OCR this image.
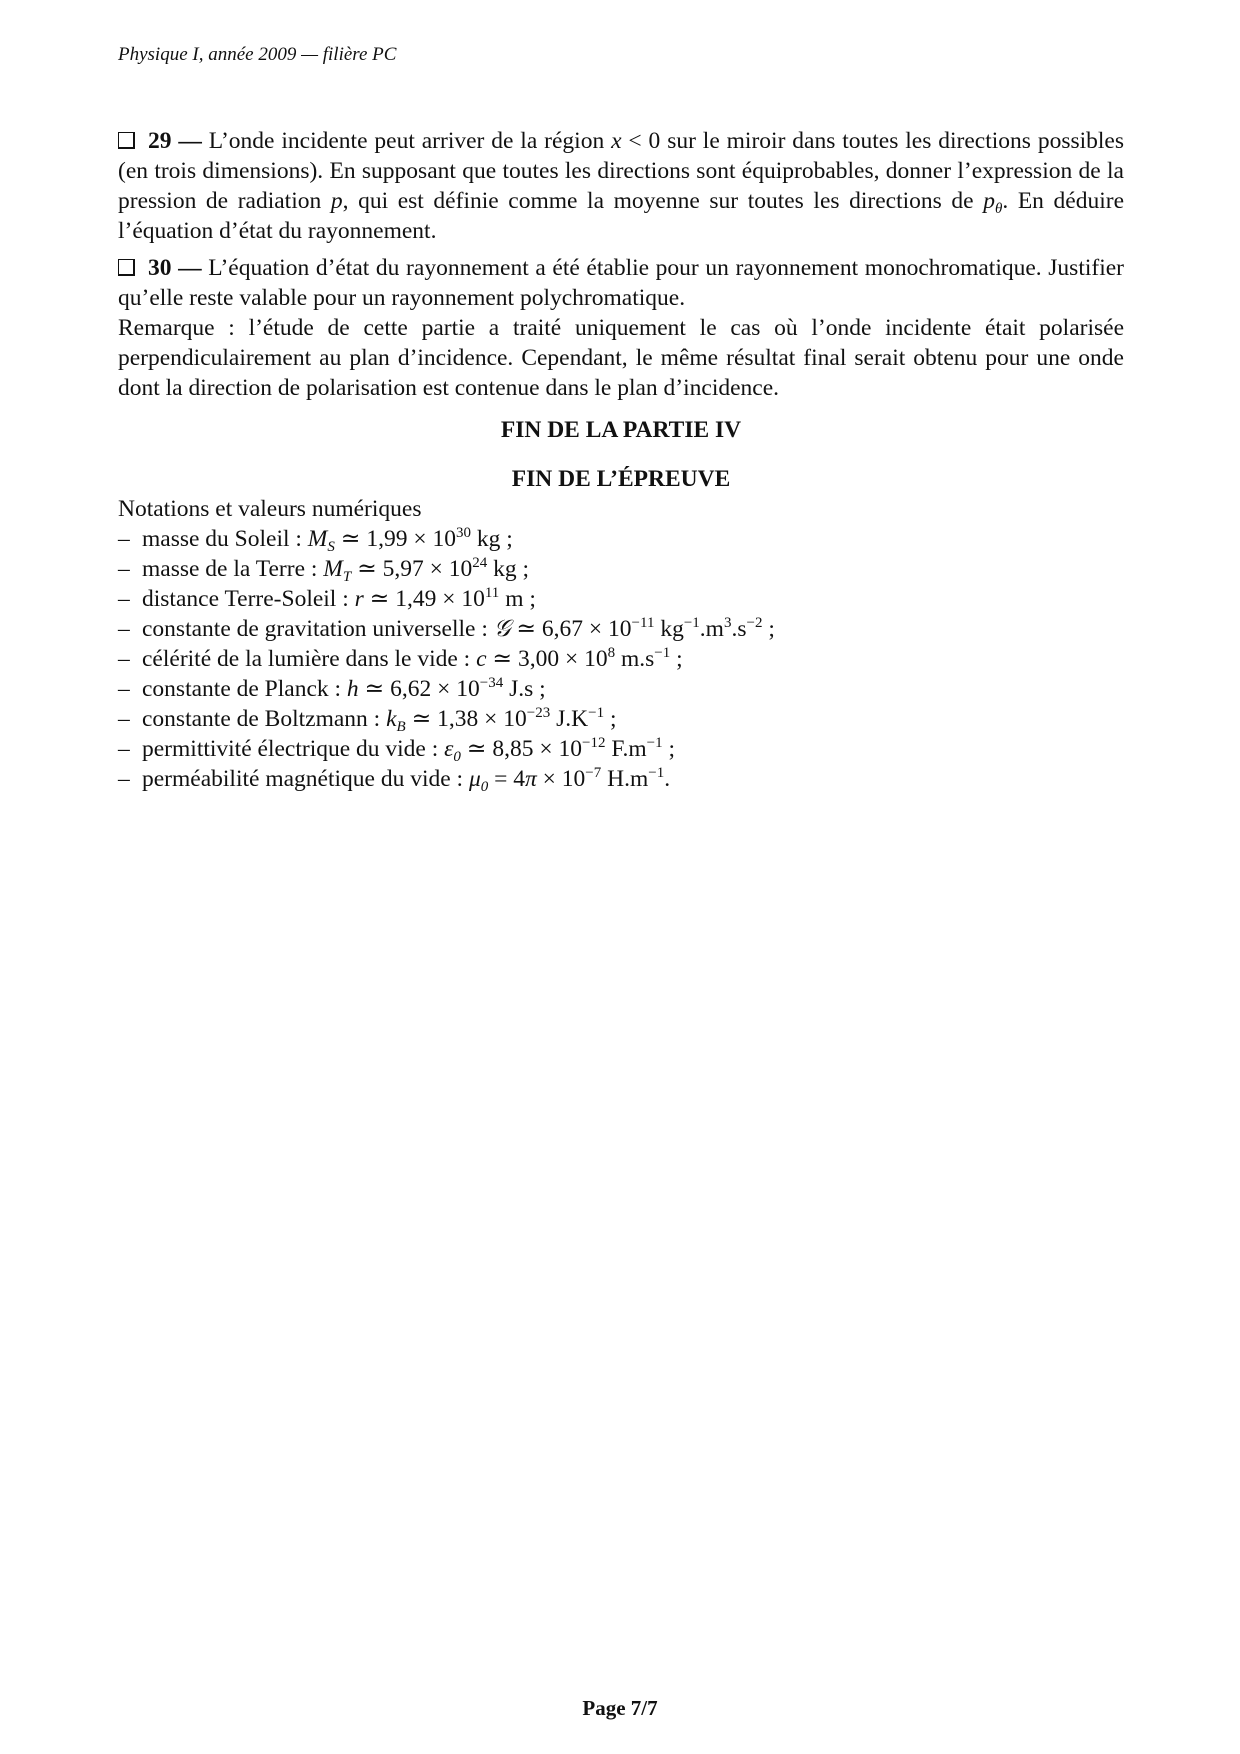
Physique I, année 2009 — filière PC

29 — L’onde incidente peut arriver de la région x < 0 sur le miroir dans toutes les directions possibles (en trois dimensions). En supposant que toutes les directions sont équiprobables, donner l’expression de la pression de radiation p, qui est définie comme la moyenne sur toutes les directions de $p_\theta$. En déduire l’équation d’état du rayonnement.

30 — L’équation d’état du rayonnement a été établie pour un rayonnement monochromatique. Justifier qu’elle reste valable pour un rayonnement polychromatique.

Remarque : l’étude de cette partie a traité uniquement le cas où l’onde incidente était polarisée perpendiculairement au plan d’incidence. Cependant, le même résultat final serait obtenu pour une onde dont la direction de polarisation est contenue dans le plan d’incidence.

FIN DE LA PARTIE IV
FIN DE L’ÉPREUVE
Notations et valeurs numériques
– masse du Soleil : $M_S$ ≃ $1,99 \times 10^{30}$ kg ;
– masse de la Terre : $M_T$ ≃ $5,97 \times 10^{24}$ kg ;
– distance Terre-Soleil : r ≃ $1,49 \times 10^{11}$ m ;
– constante de gravitation universelle : 𝒢 ≃ $6,67 \times 10^{-11}$ $kg^{-1}.m^3.s^{-2}$ ;
– célérité de la lumière dans le vide : c ≃ $3,00 \times 10^8$ $m.s^{-1}$ ;
– constante de Planck : h ≃ $6,62 \times 10^{-34}$ J.s ;
– constante de Boltzmann : $k_B$ ≃ $1,38 \times 10^{-23}$ $J.K^{-1}$ ;
– permittivité électrique du vide : $\varepsilon_0$ ≃ $8,85 \times 10^{-12}$ $F.m^{-1}$ ;
– perméabilité magnétique du vide : $\mu_0 = 4\pi \times 10^{-7}$ $H.m^{-1}$.
Page 7/7
